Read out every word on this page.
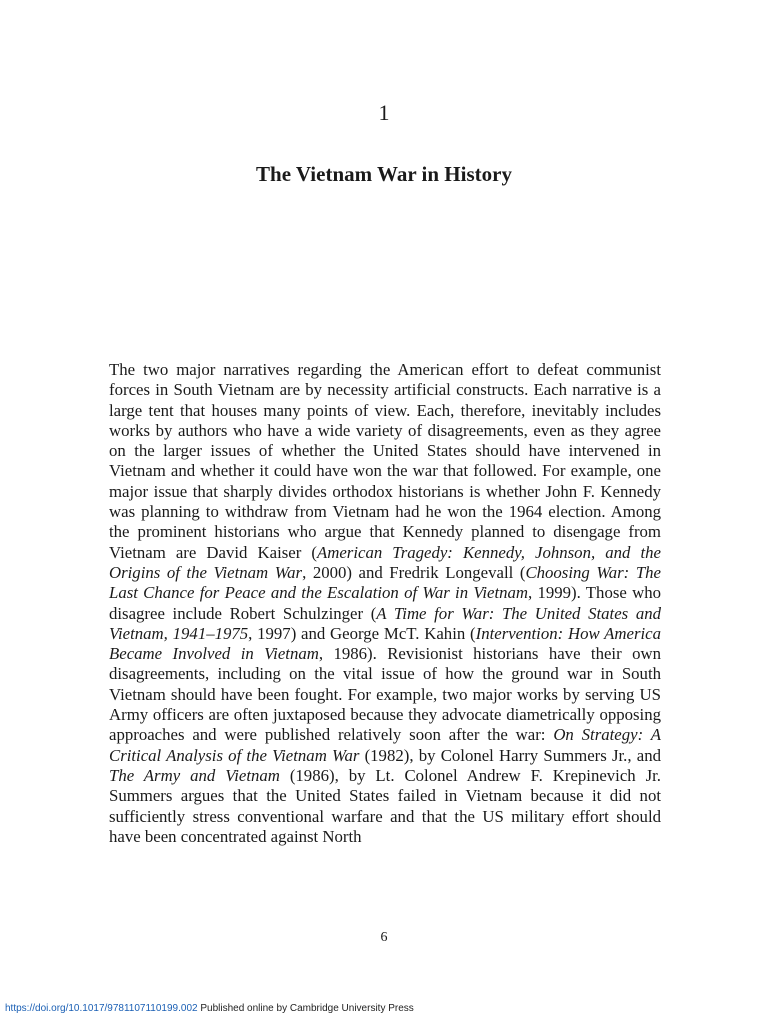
1
The Vietnam War in History

The two major narratives regarding the American effort to defeat communist forces in South Vietnam are by necessity artificial constructs. Each narrative is a large tent that houses many points of view. Each, therefore, inevitably includes works by authors who have a wide variety of disagreements, even as they agree on the larger issues of whether the United States should have intervened in Vietnam and whether it could have won the war that followed. For example, one major issue that sharply divides orthodox historians is whether John F. Kennedy was planning to withdraw from Vietnam had he won the 1964 election. Among the prominent historians who argue that Kennedy planned to disengage from Vietnam are David Kaiser (American Tragedy: Kennedy, Johnson, and the Origins of the Vietnam War, 2000) and Fredrik Longevall (Choosing War: The Last Chance for Peace and the Escalation of War in Vietnam, 1999). Those who disagree include Robert Schulzinger (A Time for War: The United States and Vietnam, 1941–1975, 1997) and George McT. Kahin (Intervention: How America Became Involved in Vietnam, 1986). Revisionist historians have their own disagreements, including on the vital issue of how the ground war in South Vietnam should have been fought. For example, two major works by serving US Army officers are often juxtaposed because they advocate diametrically opposing approaches and were published relatively soon after the war: On Strategy: A Critical Analysis of the Vietnam War (1982), by Colonel Harry Summers Jr., and The Army and Vietnam (1986), by Lt. Colonel Andrew F. Krepinevich Jr. Summers argues that the United States failed in Vietnam because it did not sufficiently stress conventional warfare and that the US military effort should have been concentrated against North

6
https://doi.org/10.1017/9781107110199.002 Published online by Cambridge University Press
